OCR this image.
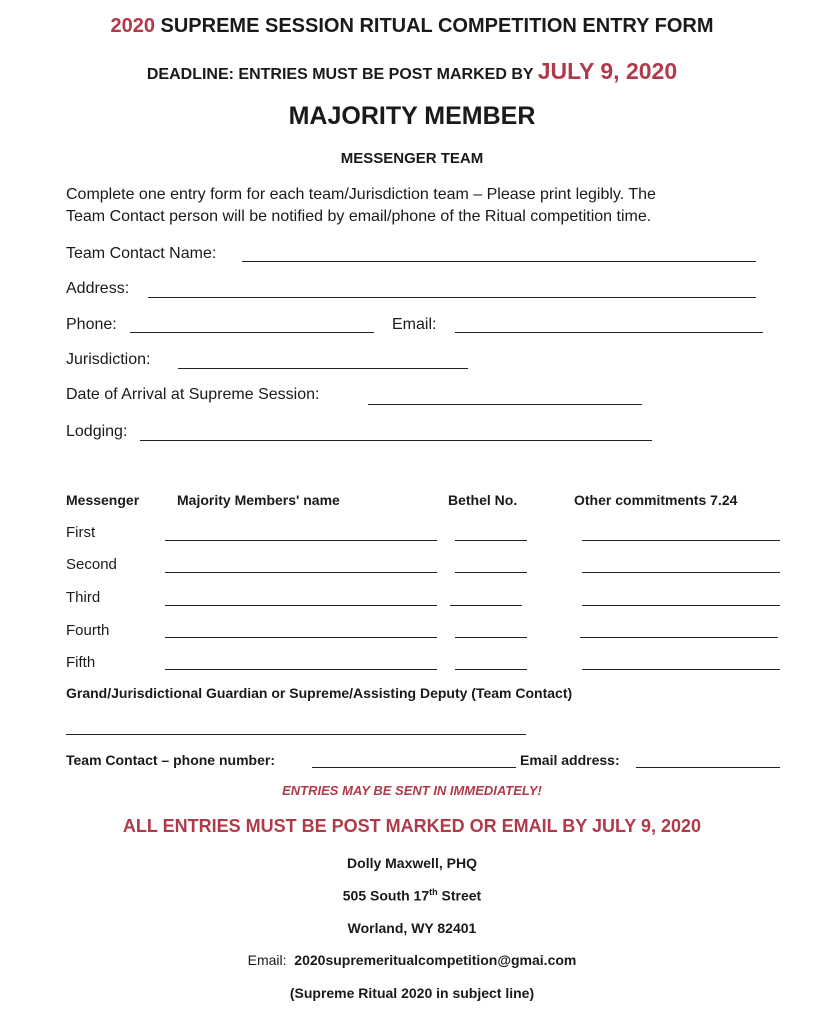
2020 SUPREME SESSION RITUAL COMPETITION ENTRY FORM
DEADLINE: ENTRIES MUST BE POST MARKED BY JULY 9, 2020
MAJORITY MEMBER
MESSENGER TEAM
Complete one entry form for each team/Jurisdiction team – Please print legibly. The
Team Contact person will be notified by email/phone of the Ritual competition time.
Team Contact Name:
Address:
Phone:	Email:
Jurisdiction:
Date of Arrival at Supreme Session:
Lodging:
Messenger	Majority Members' name	Bethel No.	Other commitments 7.24
First
Second
Third
Fourth
Fifth
Grand/Jurisdictional Guardian or Supreme/Assisting Deputy (Team Contact)
Team Contact – phone number:	Email address:
ENTRIES MAY BE SENT IN IMMEDIATELY!
ALL ENTRIES MUST BE POST MARKED OR EMAIL BY JULY 9, 2020
Dolly Maxwell, PHQ
505 South 17th Street
Worland, WY 82401
Email: 2020supremeritualcompetition@gmai.com
(Supreme Ritual 2020 in subject line)
